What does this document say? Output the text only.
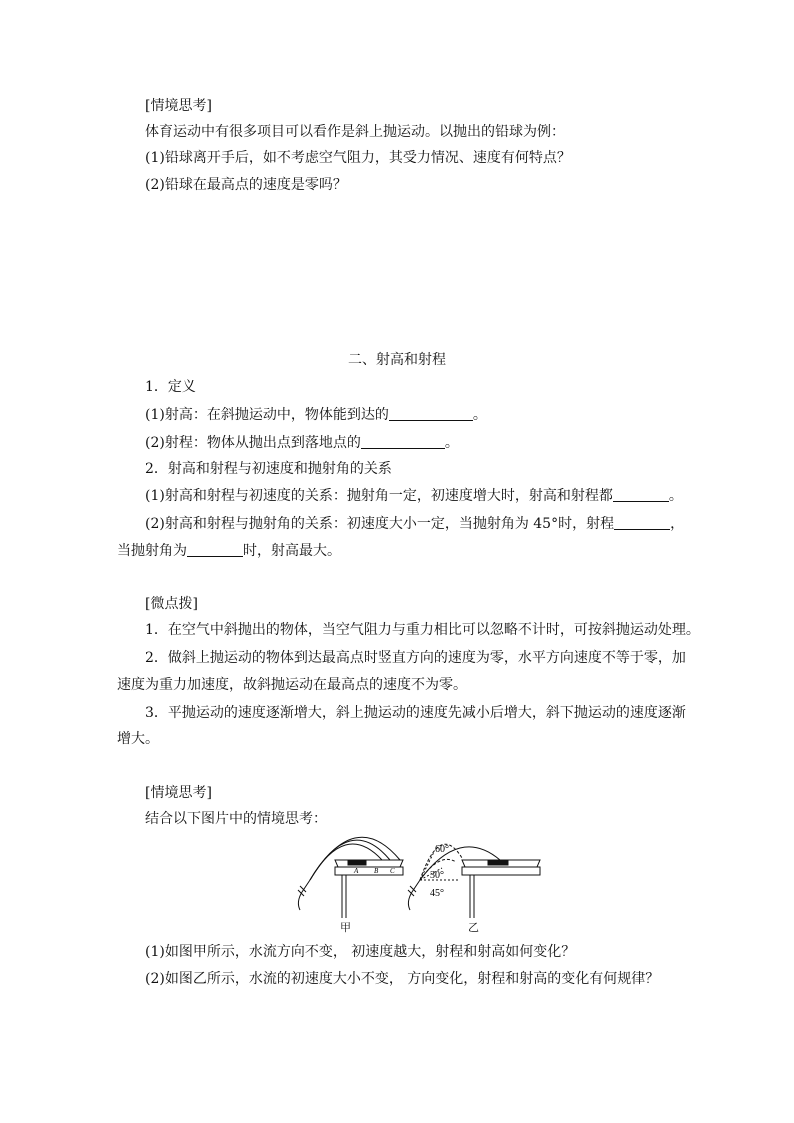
[情境思考]
体育运动中有很多项目可以看作是斜上抛运动。以抛出的铅球为例：
(1)铅球离开手后，如不考虑空气阻力，其受力情况、速度有何特点？
(2)铅球在最高点的速度是零吗？
二、射高和射程
1．定义
(1)射高：在斜抛运动中，物体能到达的	。
(2)射程：物体从抛出点到落地点的	。
2．射高和射程与初速度和抛射角的关系
(1)射高和射程与初速度的关系：抛射角一定，初速度增大时，射高和射程都	。
(2)射高和射程与抛射角的关系：初速度大小一定，当抛射角为 45°时，射程	，
当抛射角为	时，射高最大。
[微点拨]
1．在空气中斜抛出的物体，当空气阻力与重力相比可以忽略不计时，可按斜抛运动处理。
2．做斜上抛运动的物体到达最高点时竖直方向的速度为零，水平方向速度不等于零，加
速度为重力加速度，故斜抛运动在最高点的速度不为零。
3．平抛运动的速度逐渐增大，斜上抛运动的速度先减小后增大，斜下抛运动的速度逐渐
增大。
[情境思考]
结合以下图片中的情境思考：
60°
30°
45°
A B C
甲	乙
(1)如图甲所示，水流方向不变， 初速度越大，射程和射高如何变化？
(2)如图乙所示，水流的初速度大小不变， 方向变化，射程和射高的变化有何规律？
